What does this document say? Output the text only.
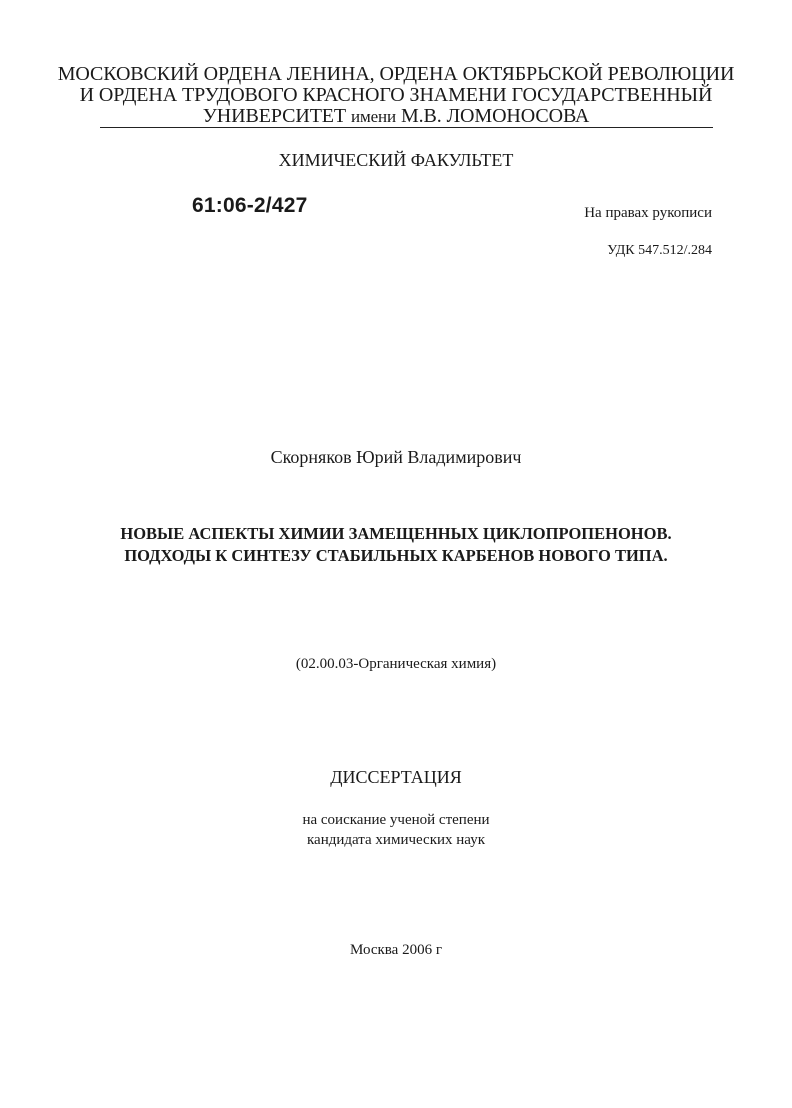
МОСКОВСКИЙ ОРДЕНА ЛЕНИНА, ОРДЕНА ОКТЯБРЬСКОЙ РЕВОЛЮЦИИ
И ОРДЕНА ТРУДОВОГО КРАСНОГО ЗНАМЕНИ ГОСУДАРСТВЕННЫЙ
УНИВЕРСИТЕТ имени М.В. ЛОМОНОСОВА
ХИМИЧЕСКИЙ ФАКУЛЬТЕТ
61:06-2/427	На правах рукописи
УДК 547.512/.284
Скорняков Юрий Владимирович
НОВЫЕ АСПЕКТЫ ХИМИИ ЗАМЕЩЕННЫХ ЦИКЛОПРОПЕНОНОВ.
ПОДХОДЫ К СИНТЕЗУ СТАБИЛЬНЫХ КАРБЕНОВ НОВОГО ТИПА.
(02.00.03-Органическая химия)
ДИССЕРТАЦИЯ
на соискание ученой степени
кандидата химических наук
Москва 2006 г
